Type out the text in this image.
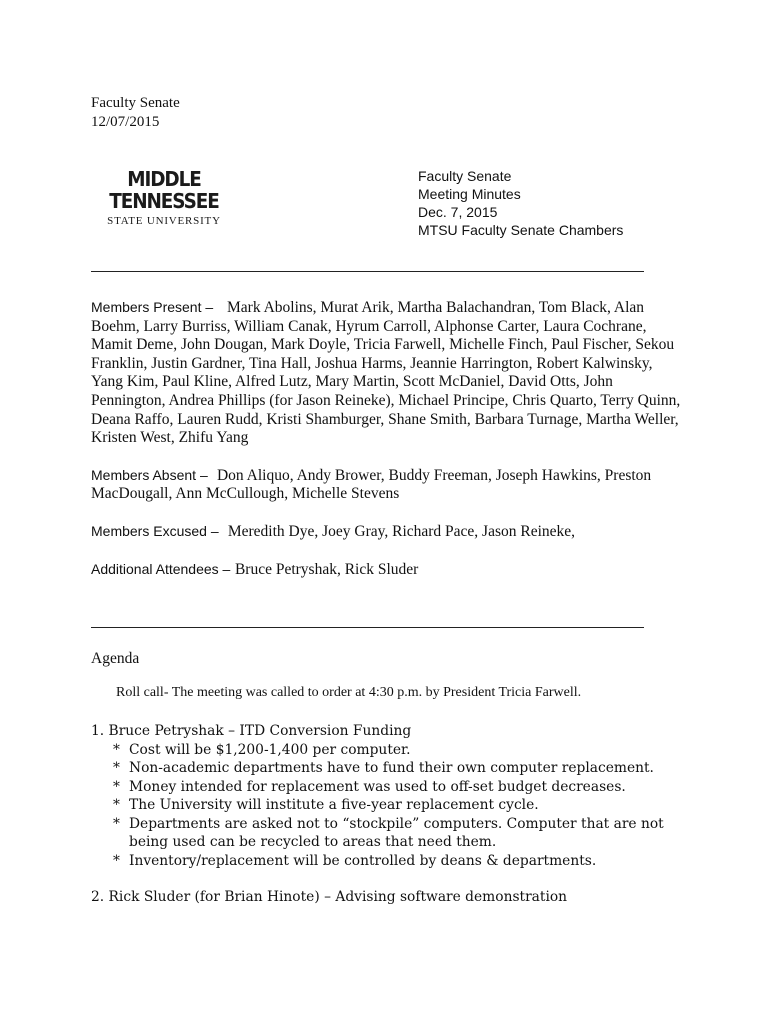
Faculty Senate
12/07/2015
MIDDLE
TENNESSEE
STATE UNIVERSITY
Faculty Senate
Meeting Minutes
Dec. 7, 2015
MTSU Faculty Senate Chambers

Members Present – Mark Abolins, Murat Arik, Martha Balachandran, Tom Black, Alan Boehm, Larry Burriss, William Canak, Hyrum Carroll, Alphonse Carter, Laura Cochrane, Mamit Deme, John Dougan, Mark Doyle, Tricia Farwell, Michelle Finch, Paul Fischer, Sekou Franklin, Justin Gardner, Tina Hall, Joshua Harms, Jeannie Harrington, Robert Kalwinsky, Yang Kim, Paul Kline, Alfred Lutz, Mary Martin, Scott McDaniel, David Otts, John Pennington, Andrea Phillips (for Jason Reineke), Michael Principe, Chris Quarto, Terry Quinn, Deana Raffo, Lauren Rudd, Kristi Shamburger, Shane Smith, Barbara Turnage, Martha Weller, Kristen West, Zhifu Yang

Members Absent – Don Aliquo, Andy Brower, Buddy Freeman, Joseph Hawkins, Preston MacDougall, Ann McCullough, Michelle Stevens

Members Excused – Meredith Dye, Joey Gray, Richard Pace, Jason Reineke,

Additional Attendees – Bruce Petryshak, Rick Sluder

Agenda
Roll call- The meeting was called to order at 4:30 p.m. by President Tricia Farwell.

1. Bruce Petryshak – ITD Conversion Funding

* Cost will be $1,200-1,400 per computer.
* Non-academic departments have to fund their own computer replacement.
* Money intended for replacement was used to off-set budget decreases.
* The University will institute a five-year replacement cycle.
* Departments are asked not to “stockpile” computers. Computer that are not being used can be recycled to areas that need them.
* Inventory/replacement will be controlled by deans & departments.

2. Rick Sluder (for Brian Hinote) – Advising software demonstration
